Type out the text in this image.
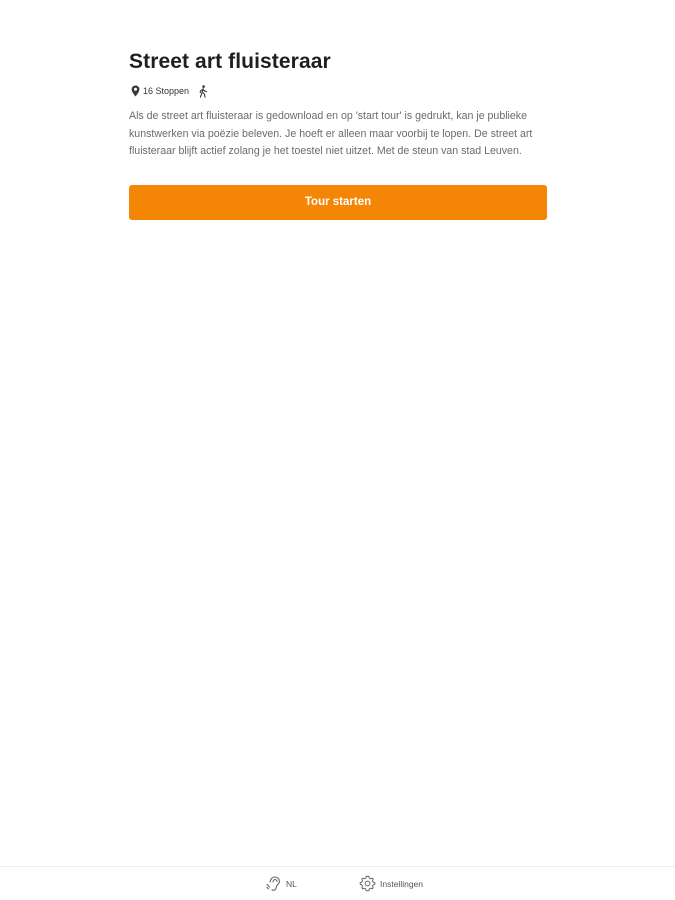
Street art fluisteraar
16 Stoppen

Als de street art fluisteraar is gedownload en op 'start tour' is gedrukt, kan je publieke kunstwerken via poëzie beleven. Je hoeft er alleen maar voorbij te lopen. De street art fluisteraar blijft actief zolang je het toestel niet uitzet. Met de steun van stad Leuven.

Tour starten
NL	Instellingen
